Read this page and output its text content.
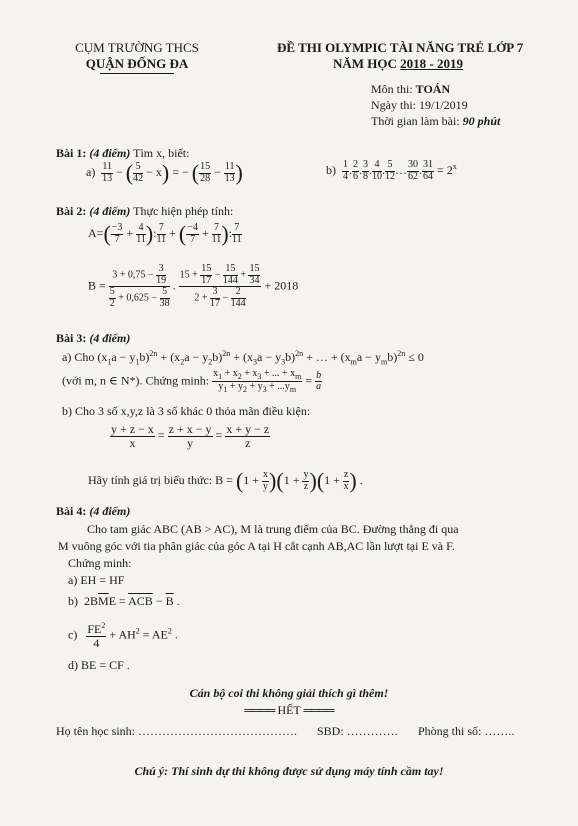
CỤM TRƯỜNG THCS
QUẬN ĐỐNG ĐA
ĐỀ THI OLYMPIC TÀI NĂNG TRẺ LỚP 7
NĂM HỌC 2018 - 2019
Môn thi: TOÁN
Ngày thi: 19/1/2019
Thời gian làm bài: 90 phút
Bài 1: (4 điểm) Tìm x, biết:
$a) \frac{11}{13}$ − ( $\frac{5}{42} - x$) = − ( $\frac{15}{28} - \frac{11}{13}$ )	$b) \frac{1}{4}$ . $\frac{2}{6}$ . $\frac{3}{8}$ . $\frac{4}{10}$ . $\frac{5}{12}$ … $\frac{30}{62}$ . $\frac{31}{64} = 2^x$
Bài 2: (4 điểm) Thực hiện phép tính:
$A=( \frac{-3}{7} + \frac{4}{11}$ ): $\frac{7}{11}$ + ( $\frac{-4}{7} + \frac{7}{11}$ ): $\frac{7}{11}$
$B = \frac{3 + 0,75 - \frac{3}{19}}{\frac{5}{2} + 0,625 - \frac{5}{38}}$ . $\frac{15 + \frac{15}{17} - \frac{15}{144} + \frac{15}{34}}{2 + \frac{3}{17} - \frac{2}{144}} + 2018$
Bài 3: (4 điểm)
a) Cho $(x_1a - y_1b)^{2n} + (x_2a - y_2b)^{2n} + (x_3a - y_3b)^{2n}$ + … + $(x_ma - y_mb)^{2n} \le 0$
(với m, n ∈ N*). Chứng minh: $\frac{x_1 + x_2 + x_3 + ... + x_m}{y_1 + y_2 + y_3 + ...y_m} = \frac{b}{a}$
b) Cho 3 số x,y,z là 3 số khác 0 thỏa mãn điều kiện:
$\frac{y + z - x}{x} = \frac{z + x - y}{y} = \frac{x + y - z}{z}$
Hãy tính giá trị biểu thức: $B = (1 + \frac{x}{y} )(1 + \frac{y}{z} )(1 + \frac{z}{x}$ ) .
Bài 4: (4 điểm)
Cho tam giác ABC (AB > AC), M là trung điểm của BC. Đường thẳng đi qua
M vuông góc với tia phân giác của góc A tại H cắt cạnh AB,AC lần lượt tại E và F.
Chứng minh:
a) EH = HF
b)  $2B\overline{M}E = \overline{ACB} - \overline{B}$ .
$c) \frac{FE^2}{4} + AH^2 = AE^2$ .
d) BE = CF .
Cán bộ coi thi không giải thích gì thêm!
════ HẾT ════
Họ tên học sinh: …………………………………. SBD: …………. Phòng thi số: ……..
Chú ý: Thí sinh dự thi không được sử dụng máy tính cầm tay!
